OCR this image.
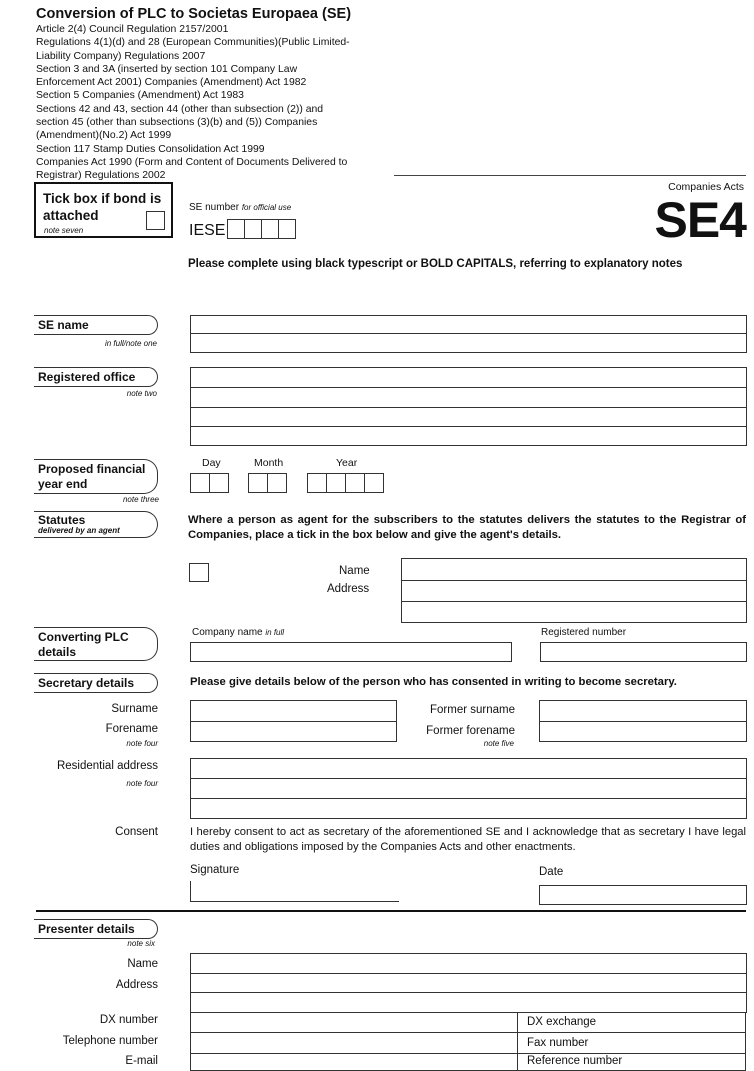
Conversion of PLC to Societas Europaea (SE)
Article 2(4) Council Regulation 2157/2001
Regulations 4(1)(d) and 28 (European Communities)(Public Limited-
Liability Company) Regulations 2007
Section 3 and 3A (inserted by section 101 Company Law
Enforcement Act 2001) Companies (Amendment) Act 1982
Section 5 Companies (Amendment) Act 1983
Sections 42 and 43, section 44 (other than subsection (2)) and
section 45 (other than subsections (3)(b) and (5)) Companies
(Amendment)(No.2) Act 1999
Section 117 Stamp Duties Consolidation Act 1999
Companies Act 1990 (Form and Content of Documents Delivered to
Registrar) Regulations 2002
Companies Acts
SE4
Tick box if bond is attached
note seven
SE number for official use
IESE
Please complete using black typescript or BOLD CAPITALS, referring to explanatory notes
SE name
in full/note one
Registered office
note two
Proposed financial year end
note three
Day	Month	Year
Statutes
delivered by an agent
Where a person as agent for the subscribers to the statutes delivers the statutes to the Registrar of Companies, place a tick in the box below and give the agent's details.
Name
Address
Converting PLC details
Company name in full	Registered number
Secretary details	Please give details below of the person who has consented in writing to become secretary.
Surname
Forename
note four
Former surname
Former forename
note five
Residential address
note four
Consent	I hereby consent to act as secretary of the aforementioned SE and I acknowledge that as secretary I have legal duties and obligations imposed by the Companies Acts and other enactments.
Signature	Date
Presenter details
note six
Name
Address
DX number	DX exchange
Telephone number	Fax number
E-mail	Reference number
